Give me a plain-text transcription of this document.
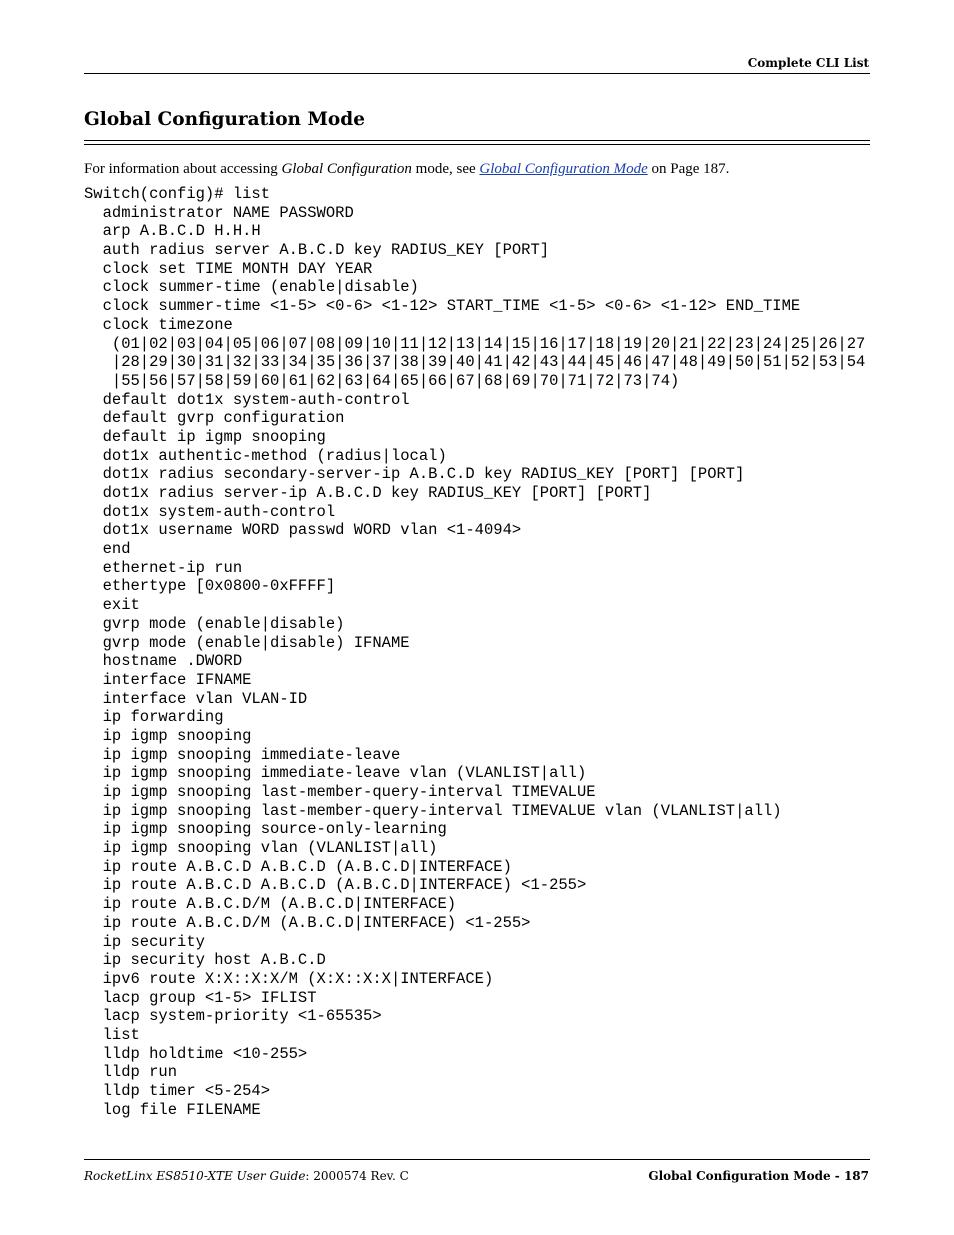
Complete CLI List
Global Configuration Mode

For information about accessing Global Configuration mode, see Global Configuration Mode on Page 187.

Switch(config)# list
administrator NAME PASSWORD
arp A.B.C.D H.H.H
auth radius server A.B.C.D key RADIUS_KEY [PORT]
clock set TIME MONTH DAY YEAR
clock summer-time (enable|disable)
clock summer-time <1-5> <0-6> <1-12> START_TIME <1-5> <0-6> <1-12> END_TIME
clock timezone
(01|02|03|04|05|06|07|08|09|10|11|12|13|14|15|16|17|18|19|20|21|22|23|24|25|26|27
|28|29|30|31|32|33|34|35|36|37|38|39|40|41|42|43|44|45|46|47|48|49|50|51|52|53|54
|55|56|57|58|59|60|61|62|63|64|65|66|67|68|69|70|71|72|73|74)
default dot1x system-auth-control
default gvrp configuration
default ip igmp snooping
dot1x authentic-method (radius|local)
dot1x radius secondary-server-ip A.B.C.D key RADIUS_KEY [PORT] [PORT]
dot1x radius server-ip A.B.C.D key RADIUS_KEY [PORT] [PORT]
dot1x system-auth-control
dot1x username WORD passwd WORD vlan <1-4094>
end
ethernet-ip run
ethertype [0x0800-0xFFFF]
exit
gvrp mode (enable|disable)
gvrp mode (enable|disable) IFNAME
hostname .DWORD
interface IFNAME
interface vlan VLAN-ID
ip forwarding
ip igmp snooping
ip igmp snooping immediate-leave
ip igmp snooping immediate-leave vlan (VLANLIST|all)
ip igmp snooping last-member-query-interval TIMEVALUE
ip igmp snooping last-member-query-interval TIMEVALUE vlan (VLANLIST|all)
ip igmp snooping source-only-learning
ip igmp snooping vlan (VLANLIST|all)
ip route A.B.C.D A.B.C.D (A.B.C.D|INTERFACE)
ip route A.B.C.D A.B.C.D (A.B.C.D|INTERFACE) <1-255>
ip route A.B.C.D/M (A.B.C.D|INTERFACE)
ip route A.B.C.D/M (A.B.C.D|INTERFACE) <1-255>
ip security
ip security host A.B.C.D
ipv6 route X:X::X:X/M (X:X::X:X|INTERFACE)
lacp group <1-5> IFLIST
lacp system-priority <1-65535>
list
lldp holdtime <10-255>
lldp run
lldp timer <5-254>
log file FILENAME
RocketLinx ES8510-XTE User Guide: 2000574 Rev. C	Global Configuration Mode - 187
